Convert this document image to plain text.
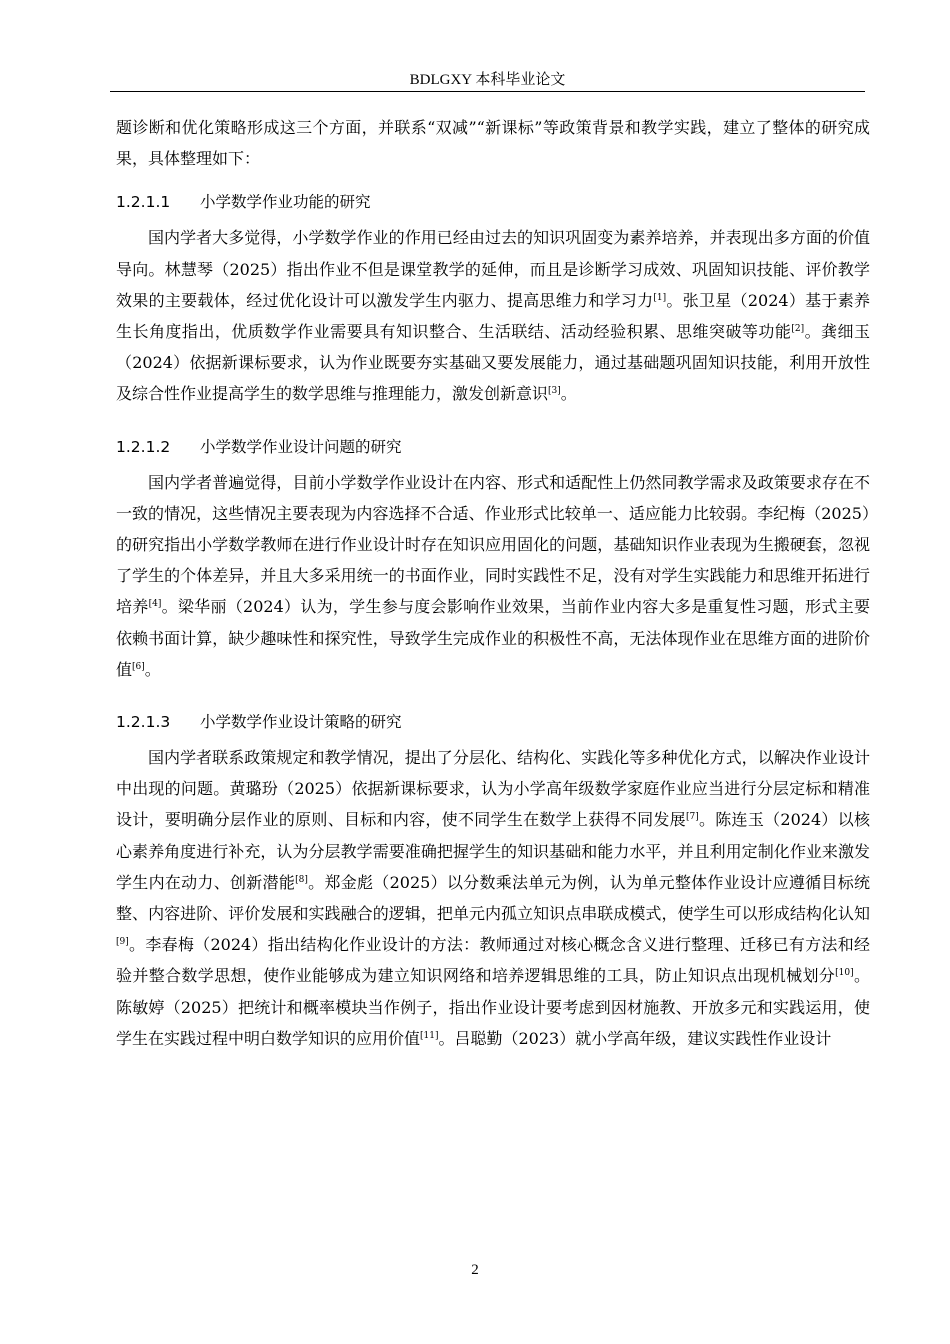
BDLGXY 本科毕业论文

题诊断和优化策略形成这三个方面，并联系“双减”“新课标”等政策背景和教学实践，建立了整体的研究成果，具体整理如下：

1.2.1.1 小学数学作业功能的研究

国内学者大多觉得，小学数学作业的作用已经由过去的知识巩固变为素养培养，并表现出多方面的价值导向。林慧琴（2025）指出作业不但是课堂教学的延伸，而且是诊断学习成效、巩固知识技能、评价教学效果的主要载体，经过优化设计可以激发学生内驱力、提高思维力和学习力[1]。张卫星（2024）基于素养生长角度指出，优质数学作业需要具有知识整合、生活联结、活动经验积累、思维突破等功能[2]。龚细玉（2024）依据新课标要求，认为作业既要夯实基础又要发展能力，通过基础题巩固知识技能，利用开放性及综合性作业提高学生的数学思维与推理能力，激发创新意识[3]。

1.2.1.2 小学数学作业设计问题的研究

国内学者普遍觉得，目前小学数学作业设计在内容、形式和适配性上仍然同教学需求及政策要求存在不一致的情况，这些情况主要表现为内容选择不合适、作业形式比较单一、适应能力比较弱。李纪梅（2025）的研究指出小学数学教师在进行作业设计时存在知识应用固化的问题，基础知识作业表现为生搬硬套，忽视了学生的个体差异，并且大多采用统一的书面作业，同时实践性不足，没有对学生实践能力和思维开拓进行培养[4]。梁华丽（2024）认为，学生参与度会影响作业效果，当前作业内容大多是重复性习题，形式主要依赖书面计算，缺少趣味性和探究性，导致学生完成作业的积极性不高，无法体现作业在思维方面的进阶价值[6]。

1.2.1.3 小学数学作业设计策略的研究

国内学者联系政策规定和教学情况，提出了分层化、结构化、实践化等多种优化方式，以解决作业设计中出现的问题。黄璐玢（2025）依据新课标要求，认为小学高年级数学家庭作业应当进行分层定标和精准设计，要明确分层作业的原则、目标和内容，使不同学生在数学上获得不同发展[7]。陈连玉（2024）以核心素养角度进行补充，认为分层教学需要准确把握学生的知识基础和能力水平，并且利用定制化作业来激发学生内在动力、创新潜能[8]。郑金彪（2025）以分数乘法单元为例，认为单元整体作业设计应遵循目标统整、内容进阶、评价发展和实践融合的逻辑，把单元内孤立知识点串联成模式，使学生可以形成结构化认知[9]。李春梅（2024）指出结构化作业设计的方法：教师通过对核心概念含义进行整理、迁移已有方法和经验并整合数学思想，使作业能够成为建立知识网络和培养逻辑思维的工具，防止知识点出现机械划分[10]。陈敏婷（2025）把统计和概率模块当作例子，指出作业设计要考虑到因材施教、开放多元和实践运用，使学生在实践过程中明白数学知识的应用价值[11]。吕聪勤（2023）就小学高年级，建议实践性作业设计

2
